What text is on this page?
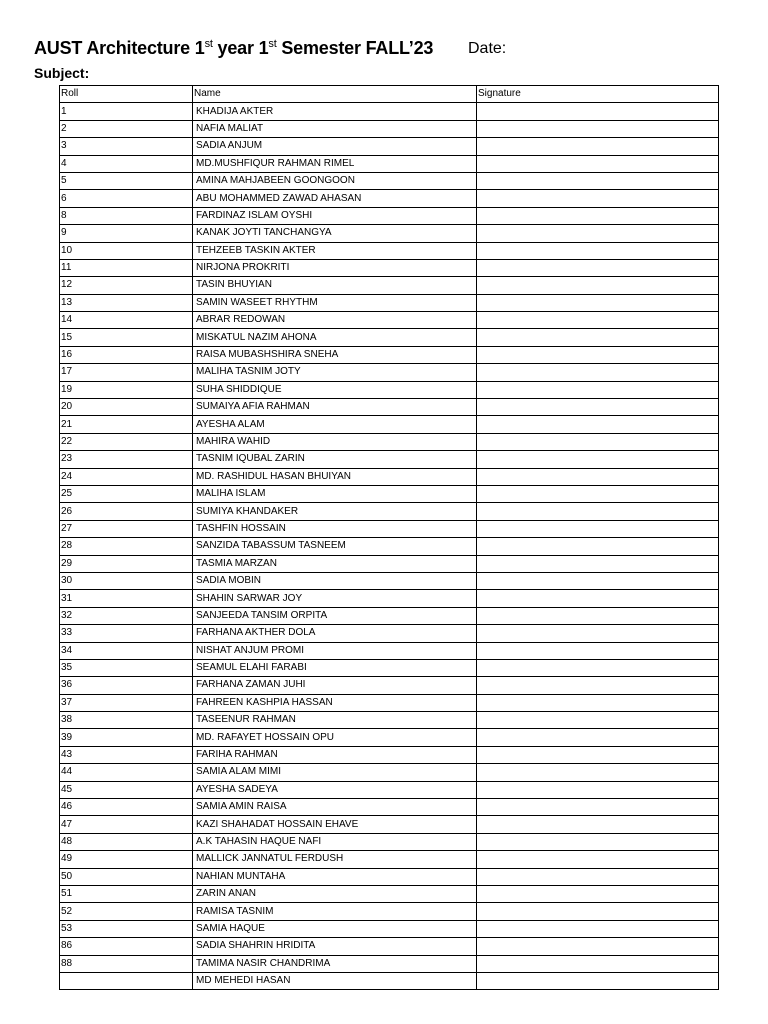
AUST Architecture 1st year 1st Semester FALL’23 Date:
Subject:
Roll	Name	Signature
1	KHADIJA AKTER	
2	NAFIA MALIAT	
3	SADIA ANJUM	
4	MD.MUSHFIQUR RAHMAN RIMEL	
5	AMINA MAHJABEEN GOONGOON	
6	ABU MOHAMMED ZAWAD AHASAN	
8	FARDINAZ ISLAM OYSHI	
9	KANAK JOYTI TANCHANGYA	
10	TEHZEEB TASKIN AKTER	
11	NIRJONA PROKRITI	
12	TASIN BHUYIAN	
13	SAMIN WASEET RHYTHM	
14	ABRAR REDOWAN	
15	MISKATUL NAZIM AHONA	
16	RAISA MUBASHSHIRA SNEHA	
17	MALIHA TASNIM JOTY	
19	SUHA SHIDDIQUE	
20	SUMAIYA AFIA RAHMAN	
21	AYESHA ALAM	
22	MAHIRA WAHID	
23	TASNIM IQUBAL ZARIN	
24	MD. RASHIDUL HASAN BHUIYAN	
25	MALIHA ISLAM	
26	SUMIYA KHANDAKER	
27	TASHFIN HOSSAIN	
28	SANZIDA TABASSUM TASNEEM	
29	TASMIA MARZAN	
30	SADIA MOBIN	
31	SHAHIN SARWAR JOY	
32	SANJEEDA TANSIM ORPITA	
33	FARHANA AKTHER DOLA	
34	NISHAT ANJUM PROMI	
35	SEAMUL ELAHI FARABI	
36	FARHANA ZAMAN JUHI	
37	FAHREEN KASHPIA HASSAN	
38	TASEENUR RAHMAN	
39	MD. RAFAYET HOSSAIN OPU	
43	FARIHA RAHMAN	
44	SAMIA ALAM MIMI	
45	AYESHA SADEYA	
46	SAMIA AMIN RAISA	
47	KAZI SHAHADAT HOSSAIN EHAVE	
48	A.K TAHASIN HAQUE NAFI	
49	MALLICK JANNATUL FERDUSH	
50	NAHIAN MUNTAHA	
51	ZARIN ANAN	
52	RAMISA TASNIM	
53	SAMIA HAQUE	
86	SADIA SHAHRIN HRIDITA	
88	TAMIMA NASIR CHANDRIMA	
	MD MEHEDI HASAN	
